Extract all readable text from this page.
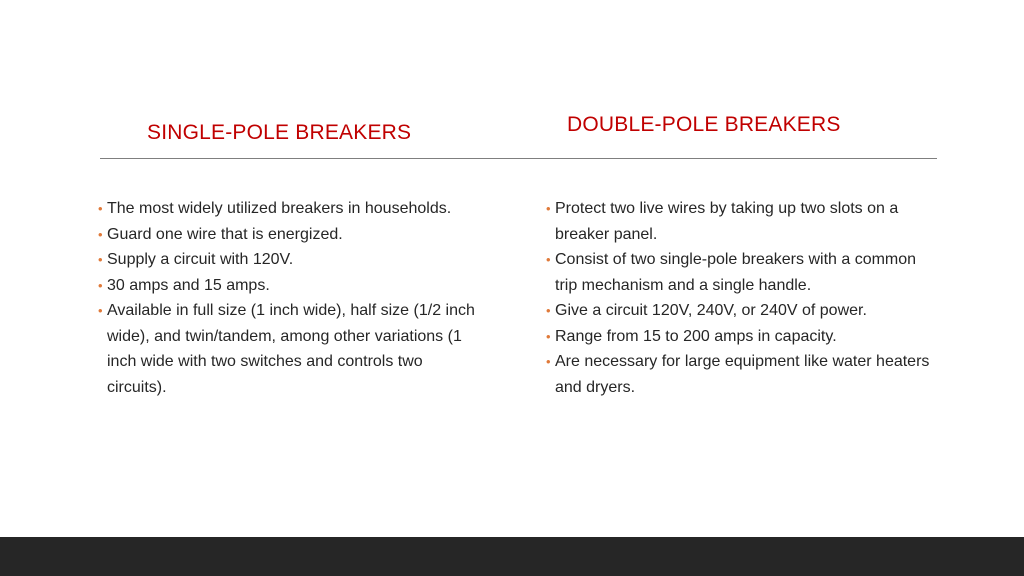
SINGLE-POLE BREAKERS	DOUBLE-POLE BREAKERS
• The most widely utilized breakers in households.
• Guard one wire that is energized.
• Supply a circuit with 120V.
• 30 amps and 15 amps.
• Available in full size (1 inch wide), half size (1/2 inch wide), and twin/tandem, among other variations (1 inch wide with two switches and controls two circuits).
• Protect two live wires by taking up two slots on a breaker panel.
• Consist of two single-pole breakers with a common trip mechanism and a single handle.
• Give a circuit 120V, 240V, or 240V of power.
• Range from 15 to 200 amps in capacity.
• Are necessary for large equipment like water heaters and dryers.
